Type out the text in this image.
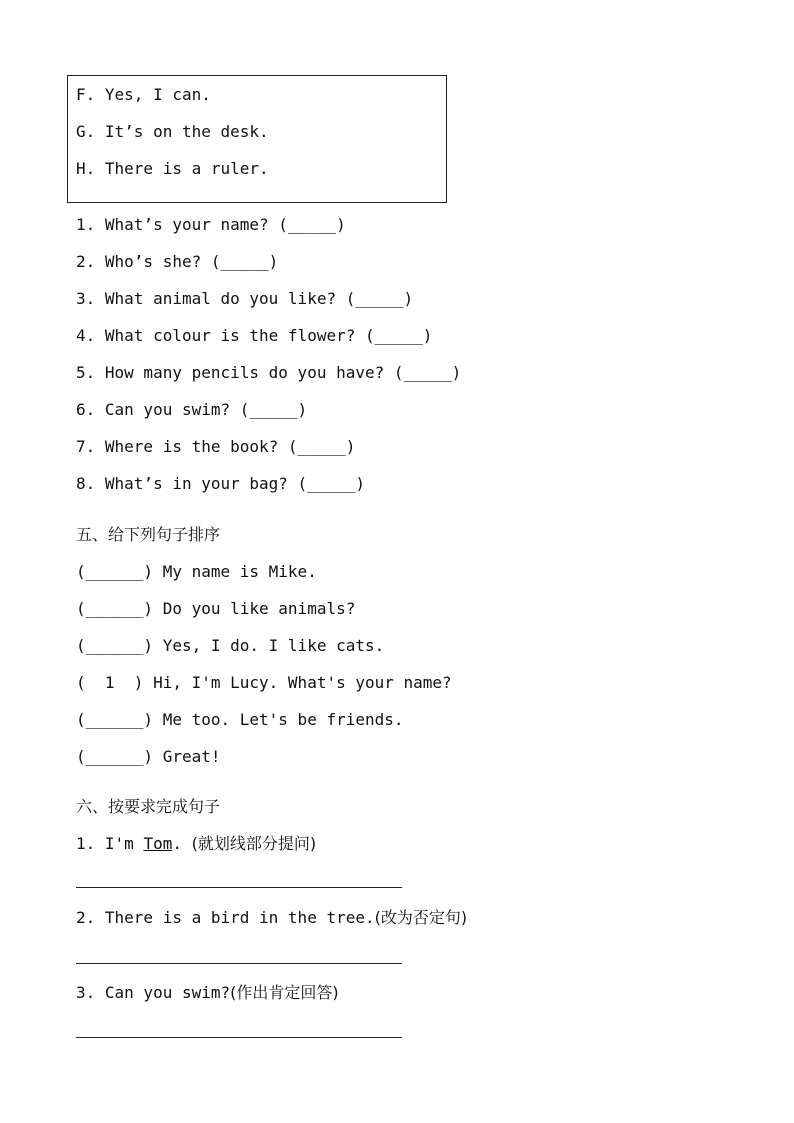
F. Yes, I can.
G. It’s on the desk.
H. There is a ruler.
1. What’s your name? (_____)
2. Who’s she? (_____)
3. What animal do you like? (_____)
4. What colour is the flower? (_____)
5. How many pencils do you have? (_____)
6. Can you swim? (_____)
7. Where is the book? (_____)
8. What’s in your bag? (_____)
五、给下列句子排序
(______) My name is Mike.
(______) Do you like animals?
(______) Yes, I do. I like cats.
(  1  ) Hi, I'm Lucy. What's your name?
(______) Me too. Let's be friends.
(______) Great!
六、按要求完成句子
1. I'm Tom. (就划线部分提问)
2. There is a bird in the tree.(改为否定句)
3. Can you swim?(作出肯定回答)
